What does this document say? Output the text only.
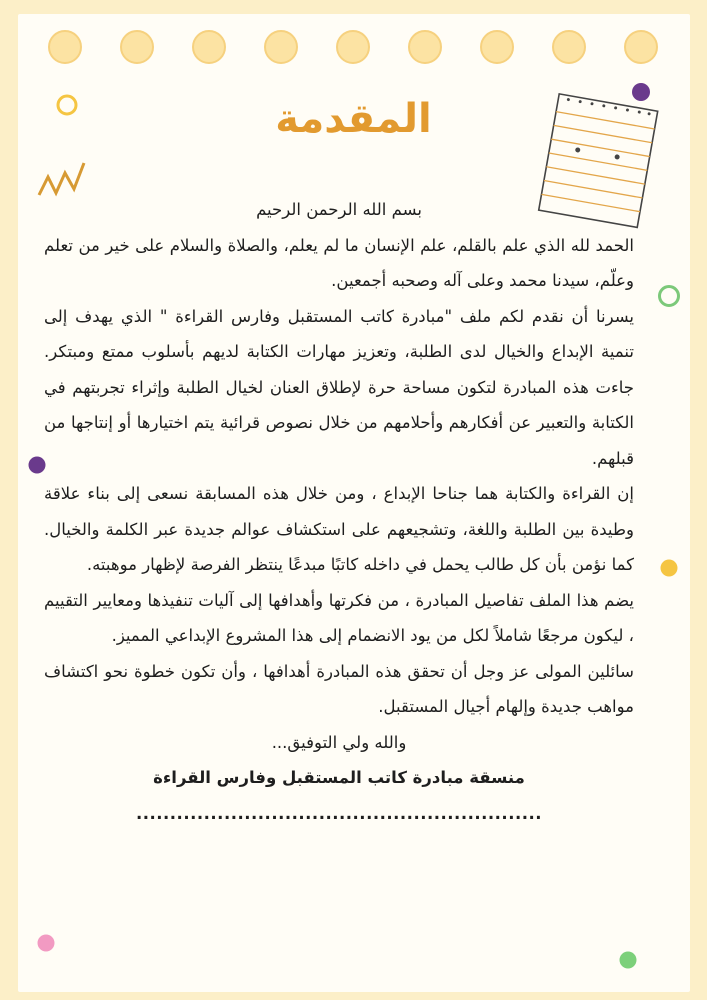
المقدمة

بسم الله الرحمن الرحيم

الحمد لله الذي علم بالقلم، علم الإنسان ما لم يعلم، والصلاة والسلام على خير من تعلم وعلّم، سيدنا محمد وعلى آله وصحبه أجمعين.

يسرنا أن نقدم لكم ملف "مبادرة كاتب المستقبل وفارس القراءة " الذي يهدف إلى تنمية الإبداع والخيال لدى الطلبة، وتعزيز مهارات الكتابة لديهم بأسلوب ممتع ومبتكر. جاءت هذه المبادرة لتكون مساحة حرة لإطلاق العنان لخيال الطلبة وإثراء تجربتهم في الكتابة والتعبير عن أفكارهم وأحلامهم من خلال نصوص قرائية يتم اختيارها أو إنتاجها من قبلهم.

إن القراءة والكتابة هما جناحا الإبداع ، ومن خلال هذه المسابقة نسعى إلى بناء علاقة وطيدة بين الطلبة واللغة، وتشجيعهم على استكشاف عوالم جديدة عبر الكلمة والخيال. كما نؤمن بأن كل طالب يحمل في داخله كاتبًا مبدعًا ينتظر الفرصة لإظهار موهبته.

يضم هذا الملف تفاصيل المبادرة ، من فكرتها وأهدافها إلى آليات تنفيذها ومعايير التقييم ، ليكون مرجعًا شاملاً لكل من يود الانضمام إلى هذا المشروع الإبداعي المميز.

سائلين المولى عز وجل أن تحقق هذه المبادرة أهدافها ، وأن تكون خطوة نحو اكتشاف مواهب جديدة وإلهام أجيال المستقبل.

والله ولي التوفيق...

منسقة مبادرة كاتب المستقبل وفارس القراءة

............................................................
